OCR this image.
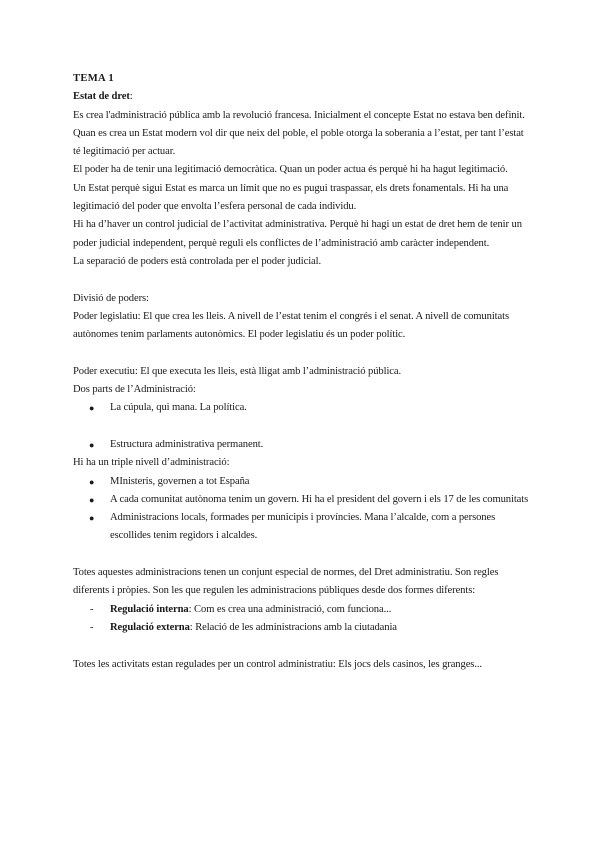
TEMA 1

Estat de dret:

Es crea l'administració pública amb la revolució francesa. Inicialment el concepte Estat no estava ben definit. Quan es crea un Estat modern vol dir que neix del poble, el poble otorga la soberania a l’estat, per tant l’estat té legitimació per actuar.

El poder ha de tenir una legitimació democràtica. Quan un poder actua és perquè hi ha hagut legitimació.

Un Estat perquè sigui Estat es marca un límit que no es pugui traspassar, els drets fonamentals. Hi ha una legitimació del poder que envolta l’esfera personal de cada individu.

Hi ha d’haver un control judicial de l’activitat administrativa. Perquè hi hagi un estat de dret hem de tenir un poder judicial independent, perquè reguli els conflictes de l’administració amb caràcter independent.

La separació de poders està controlada per el poder judicial.

Divisió de poders:

Poder legislatiu: El que crea les lleis. A nivell de l’estat tenim el congrés i el senat. A nivell de comunitats autònomes tenim parlaments autonòmics. El poder legislatiu és un poder polític.

Poder executiu: El que executa les lleis, està lligat amb l’administració pública.

Dos parts de l’Administració:

● La cúpula, qui mana. La política.
● Estructura administrativa permanent.

Hi ha un triple nivell d’administració:

● MInisteris, governen a tot España
● A cada comunitat autònoma tenim un govern. Hi ha el president del govern i els 17 de les comunitats
● Administracions locals, formades per municipis i províncies. Mana l’alcalde, com a persones escollides tenim regidors i alcaldes.

Totes aquestes administracions tenen un conjunt especial de normes, del Dret administratiu. Son regles diferents i pròpies. Son les que regulen les administracions públiques desde dos formes diferents:

- Regulació interna: Com es crea una administració, com funciona...
- Regulació externa: Relació de les administracions amb la ciutadania

Totes les activitats estan regulades per un control administratiu: Els jocs dels casinos, les granges...
